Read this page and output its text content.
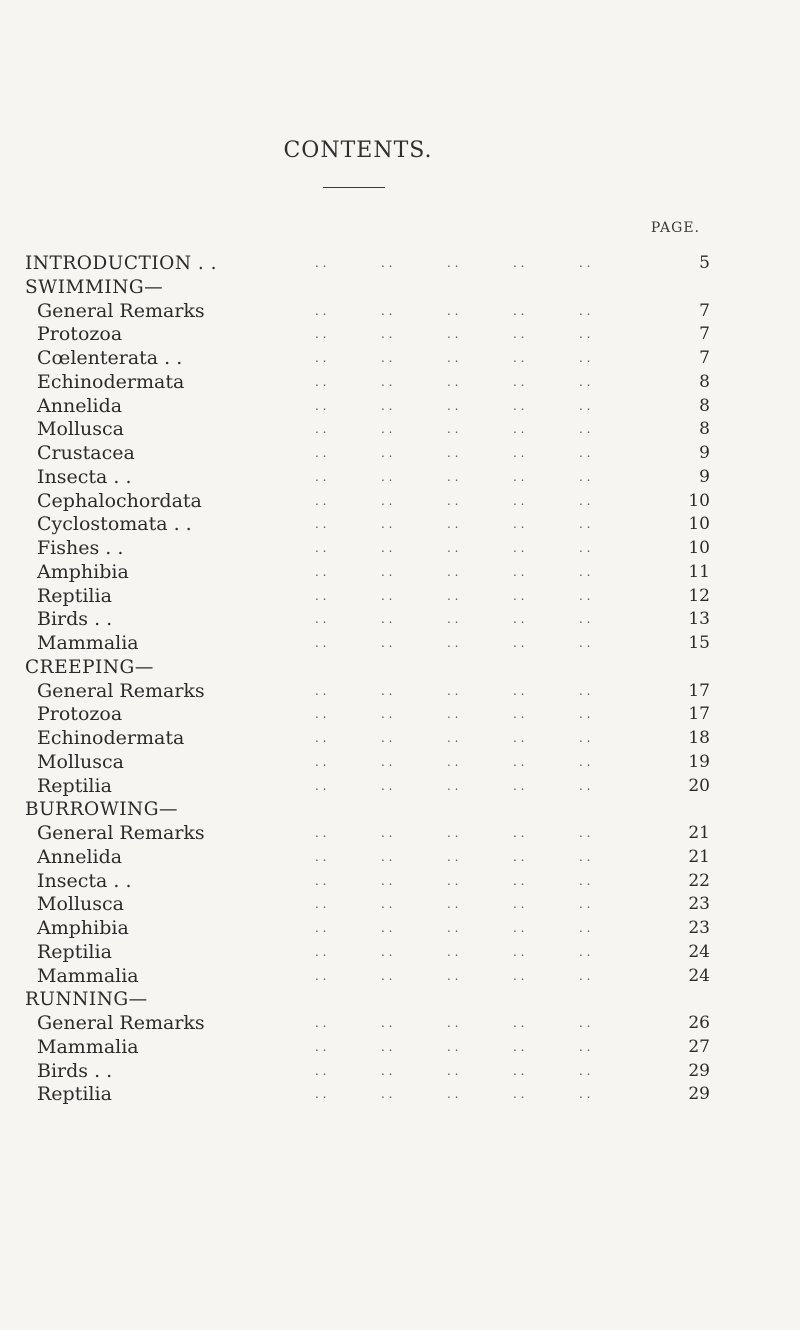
CONTENTS.
PAGE.
INTRODUCTION . .	. .	. .	. .	. .	. .	5
SWIMMING—
General Remarks	. .	. .	. .	. .	. .	7
Protozoa	. .	. .	. .	. .	. .	7
Cœlenterata . .	. .	. .	. .	. .	. .	7
Echinodermata	. .	. .	. .	. .	. .	8
Annelida	. .	. .	. .	. .	. .	8
Mollusca	. .	. .	. .	. .	. .	8
Crustacea	. .	. .	. .	. .	. .	9
Insecta . .	. .	. .	. .	. .	. .	9
Cephalochordata	. .	. .	. .	. .	. .	10
Cyclostomata . .	. .	. .	. .	. .	. .	10
Fishes . .	. .	. .	. .	. .	. .	10
Amphibia	. .	. .	. .	. .	. .	11
Reptilia	. .	. .	. .	. .	. .	12
Birds . .	. .	. .	. .	. .	. .	13
Mammalia	. .	. .	. .	. .	. .	15
CREEPING—
General Remarks	. .	. .	. .	. .	. .	17
Protozoa	. .	. .	. .	. .	. .	17
Echinodermata	. .	. .	. .	. .	. .	18
Mollusca	. .	. .	. .	. .	. .	19
Reptilia	. .	. .	. .	. .	. .	20
BURROWING—
General Remarks	. .	. .	. .	. .	. .	21
Annelida	. .	. .	. .	. .	. .	21
Insecta . .	. .	. .	. .	. .	. .	22
Mollusca	. .	. .	. .	. .	. .	23
Amphibia	. .	. .	. .	. .	. .	23
Reptilia	. .	. .	. .	. .	. .	24
Mammalia	. .	. .	. .	. .	. .	24
RUNNING—
General Remarks	. .	. .	. .	. .	. .	26
Mammalia	. .	. .	. .	. .	. .	27
Birds . .	. .	. .	. .	. .	. .	29
Reptilia	. .	. .	. .	. .	. .	29
